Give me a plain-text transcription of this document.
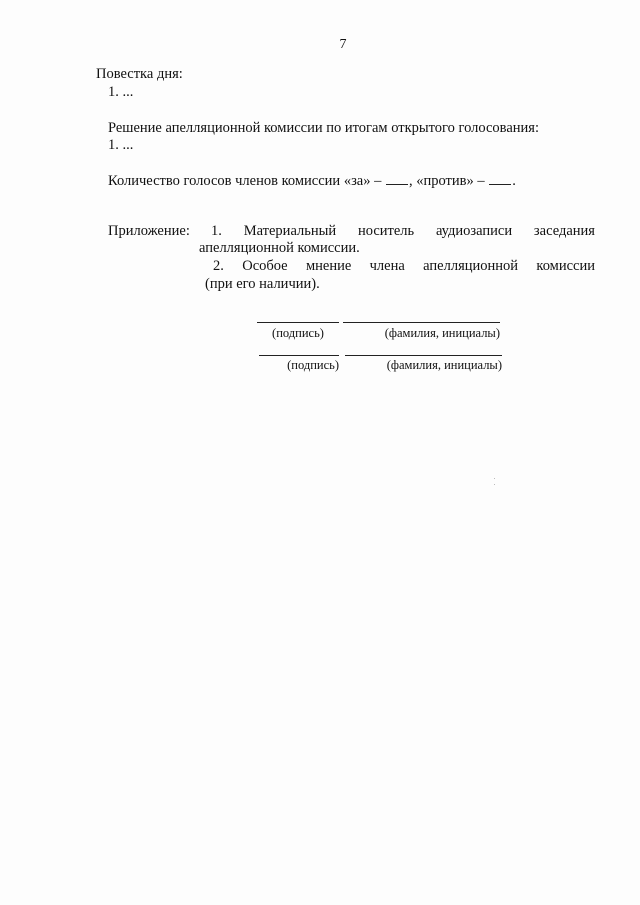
7
Повестка дня:
1. ...
Решение апелляционной комиссии по итогам открытого голосования:
1. ...
Количество голосов членов комиссии «за» – , «против» – .
Приложение: 1. Материальный носитель аудиозаписи заседания
апелляционной комиссии.
2. Особое мнение члена апелляционной комиссии
(при его наличии).
(подпись)	(фамилия, инициалы)
(подпись)	(фамилия, инициалы)
